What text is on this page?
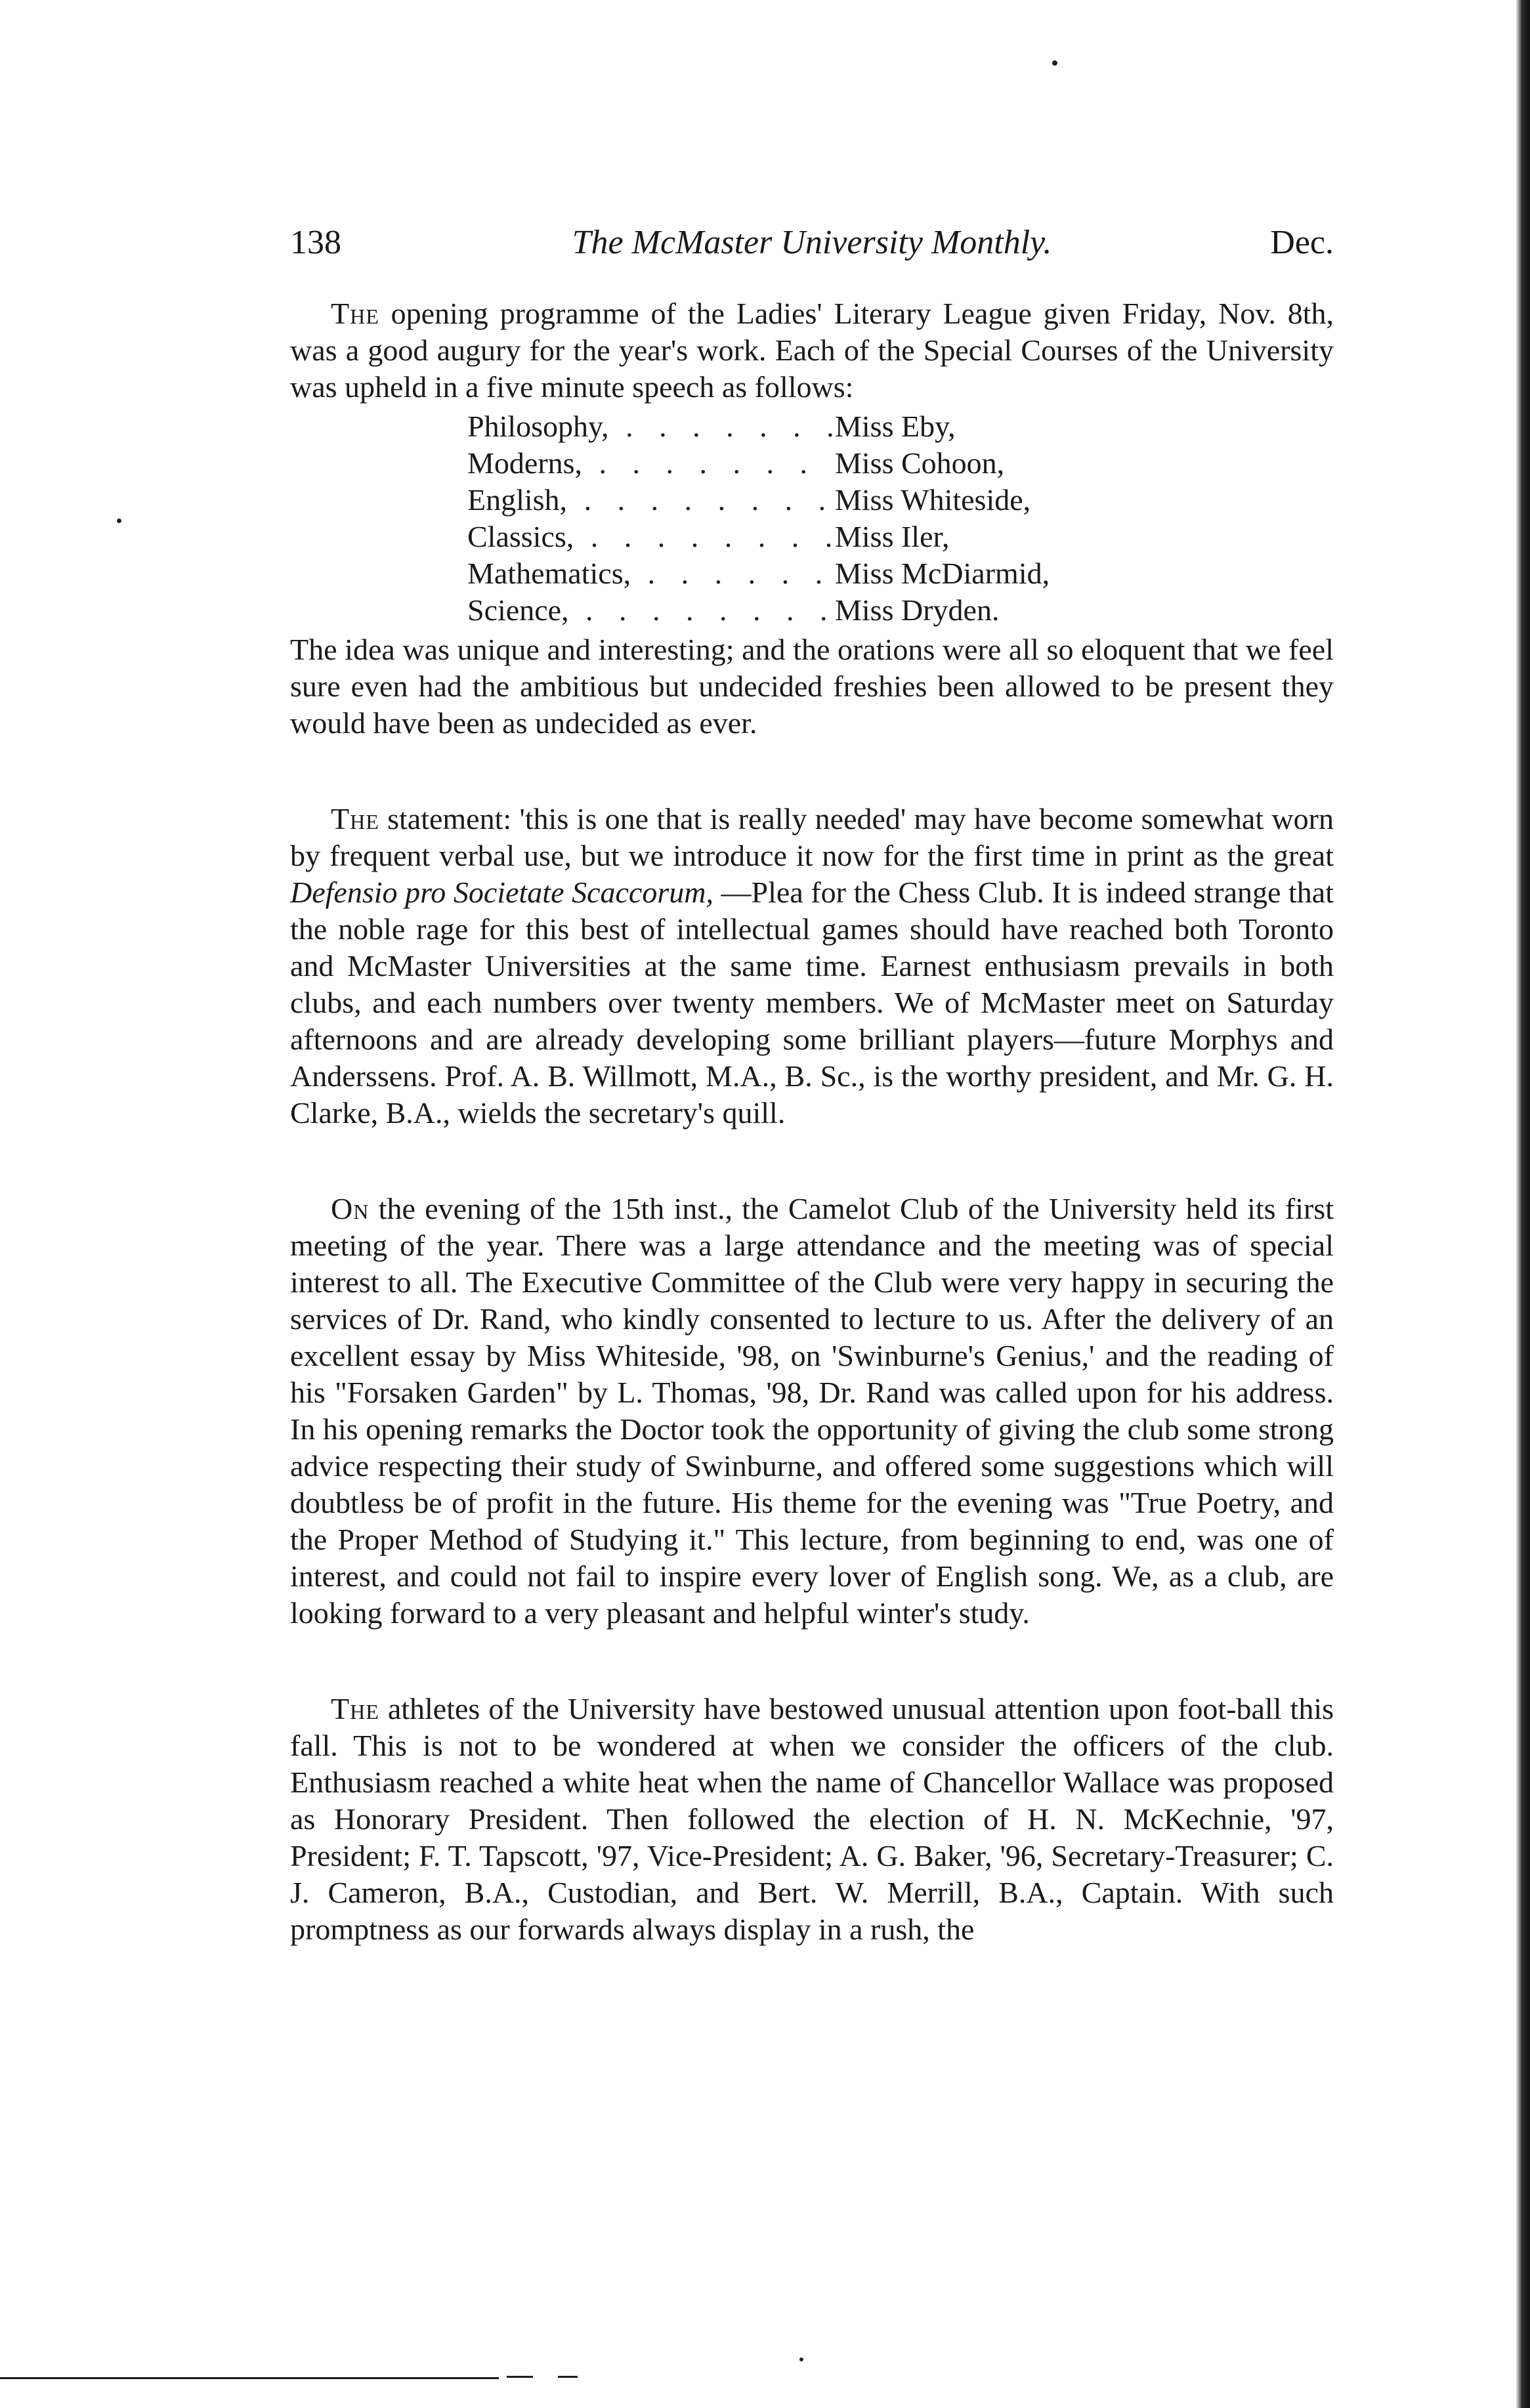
138	The McMaster University Monthly.	Dec.

The opening programme of the Ladies' Literary League given Friday, Nov. 8th, was a good augury for the year's work. Each of the Special Courses of the University was upheld in a five minute speech as follows:

Philosophy, . . .	Miss Eby,
Moderns, . . .	Miss Cohoon,
English, . . .	Miss Whiteside,
Classics, . . .	Miss Iler,
Mathematics, . . .	Miss McDiarmid,
Science, . . .	Miss Dryden.

The idea was unique and interesting; and the orations were all so eloquent that we feel sure even had the ambitious but undecided freshies been allowed to be present they would have been as undecided as ever.

The statement: 'this is one that is really needed' may have become somewhat worn by frequent verbal use, but we introduce it now for the first time in print as the great Defensio pro Societate Scaccorum, —Plea for the Chess Club. It is indeed strange that the noble rage for this best of intellectual games should have reached both Toronto and McMaster Universities at the same time. Earnest enthusiasm prevails in both clubs, and each numbers over twenty members. We of McMaster meet on Saturday afternoons and are already developing some brilliant players—future Morphys and Anderssens. Prof. A. B. Willmott, M.A., B. Sc., is the worthy president, and Mr. G. H. Clarke, B.A., wields the secretary's quill.

On the evening of the 15th inst., the Camelot Club of the University held its first meeting of the year. There was a large attendance and the meeting was of special interest to all. The Executive Committee of the Club were very happy in securing the services of Dr. Rand, who kindly consented to lecture to us. After the delivery of an excellent essay by Miss Whiteside, '98, on 'Swinburne's Genius,' and the reading of his "Forsaken Garden" by L. Thomas, '98, Dr. Rand was called upon for his address. In his opening remarks the Doctor took the opportunity of giving the club some strong advice respecting their study of Swinburne, and offered some suggestions which will doubtless be of profit in the future. His theme for the evening was "True Poetry, and the Proper Method of Studying it." This lecture, from beginning to end, was one of interest, and could not fail to inspire every lover of English song. We, as a club, are looking forward to a very pleasant and helpful winter's study.

The athletes of the University have bestowed unusual attention upon foot-ball this fall. This is not to be wondered at when we consider the officers of the club. Enthusiasm reached a white heat when the name of Chancellor Wallace was proposed as Honorary President. Then followed the election of H. N. McKechnie, '97, President; F. T. Tapscott, '97, Vice-President; A. G. Baker, '96, Secretary-Treasurer; C. J. Cameron, B.A., Custodian, and Bert. W. Merrill, B.A., Captain. With such promptness as our forwards always display in a rush, the
